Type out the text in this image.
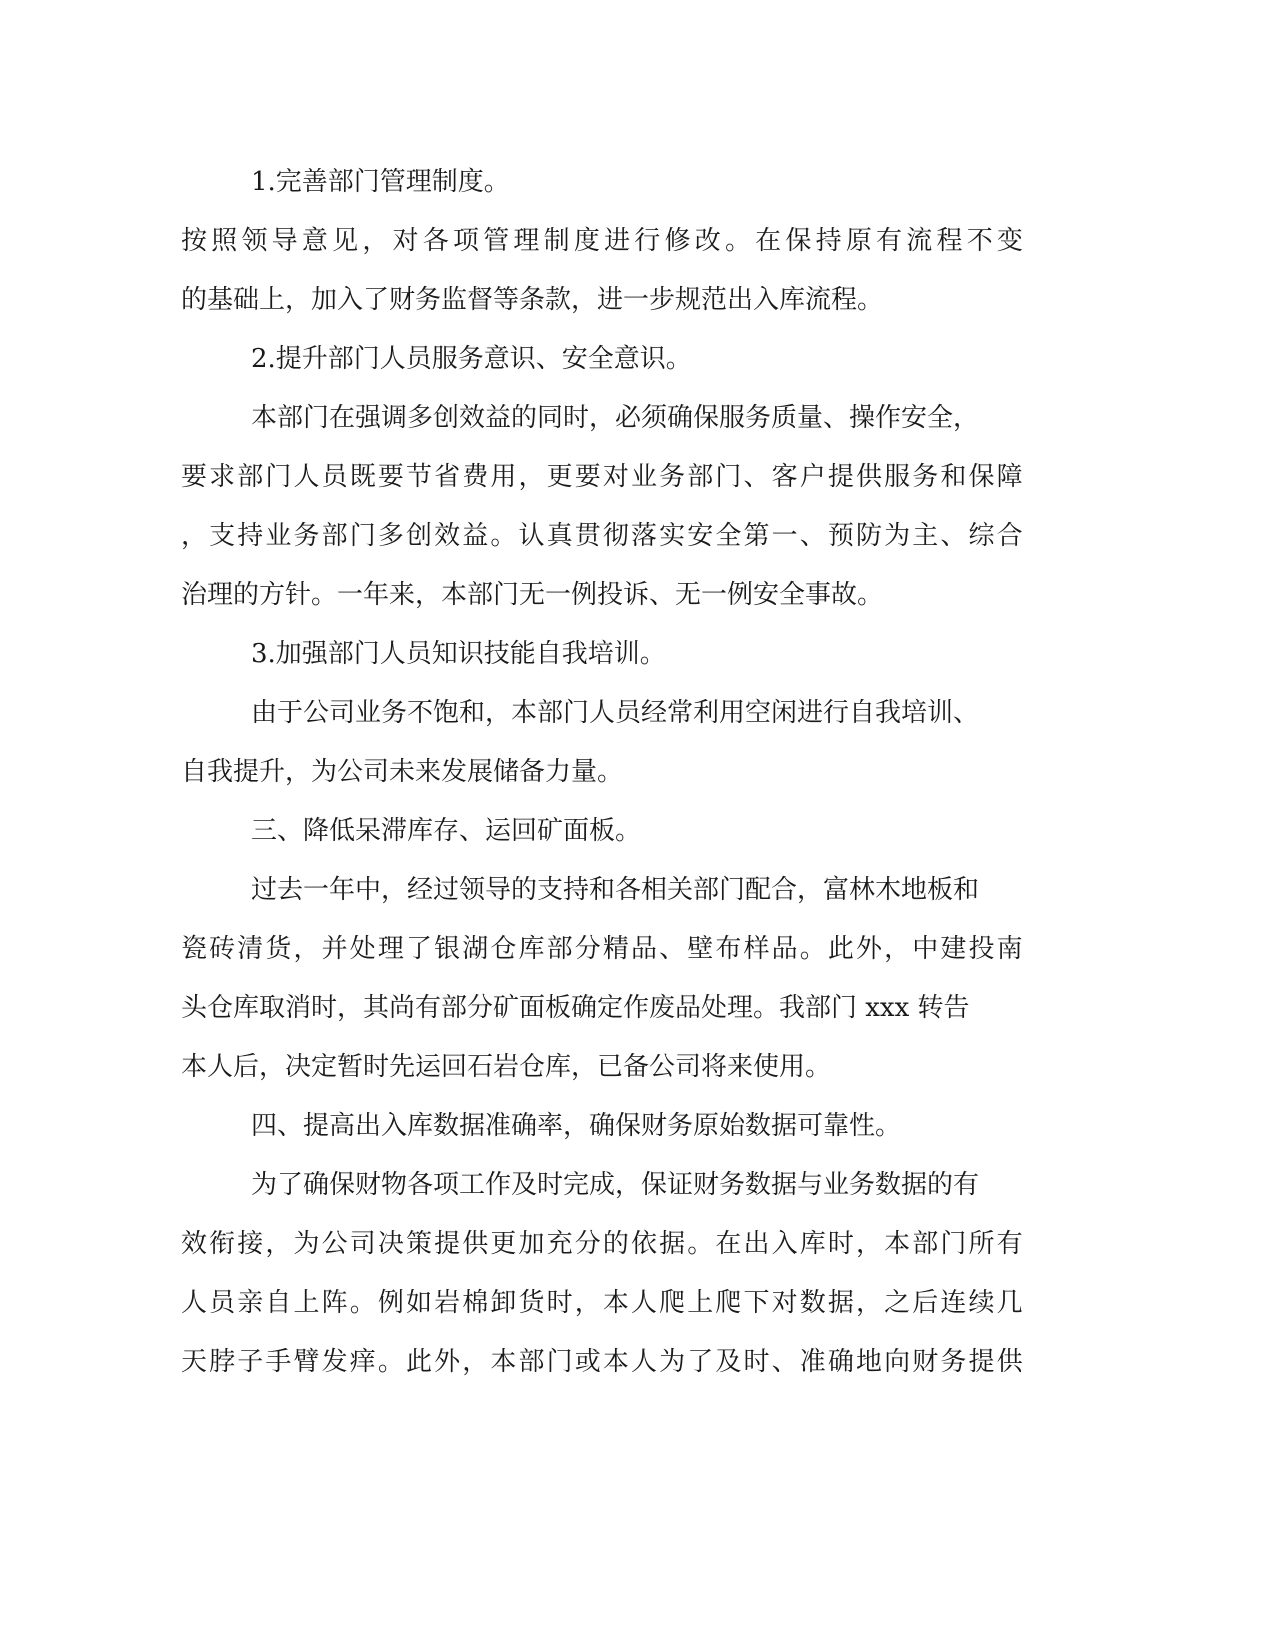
1.完善部门管理制度。
按 照 领 导 意 见 ， 对 各 项 管 理 制 度 进 行 修 改 。 在 保 持 原 有 流 程 不 变
的基础上，加入了财务监督等条款，进一步规范出入库流程。
2.提升部门人员服务意识、安全意识。
本部门在强调多创效益的同时，必须确保服务质量、操作安全，
要 求 部 门 人 员 既 要 节 省 费 用 ， 更 要 对 业 务 部 门 、 客 户 提 供 服 务 和 保 障
， 支 持 业 务 部 门 多 创 效 益 。 认 真 贯 彻 落 实 安 全 第 一 、 预 防 为 主 、 综 合
治理的方针。一年来，本部门无一例投诉、无一例安全事故。
3.加强部门人员知识技能自我培训。
由于公司业务不饱和，本部门人员经常利用空闲进行自我培训、
自我提升，为公司未来发展储备力量。
三、降低呆滞库存、运回矿面板。
过去一年中，经过领导的支持和各相关部门配合，富林木地板和
瓷 砖 清 货 ， 并 处 理 了 银 湖 仓 库 部 分 精 品 、 壁 布 样 品 。 此 外 ， 中 建 投 南
头仓库取消时，其尚有部分矿面板确定作废品处理。我部门 xxx 转告
本人后，决定暂时先运回石岩仓库，已备公司将来使用。
四、提高出入库数据准确率，确保财务原始数据可靠性。
为了确保财物各项工作及时完成，保证财务数据与业务数据的有
效 衔 接 ， 为 公 司 决 策 提 供 更 加 充 分 的 依 据 。 在 出 入 库 时 ， 本 部 门 所 有
人 员 亲 自 上 阵 。 例 如 岩 棉 卸 货 时 ， 本 人 爬 上 爬 下 对 数 据 ， 之 后 连 续 几
天 脖 子 手 臂 发 痒 。 此 外 ， 本 部 门 或 本 人 为 了 及 时 、 准 确 地 向 财 务 提 供
